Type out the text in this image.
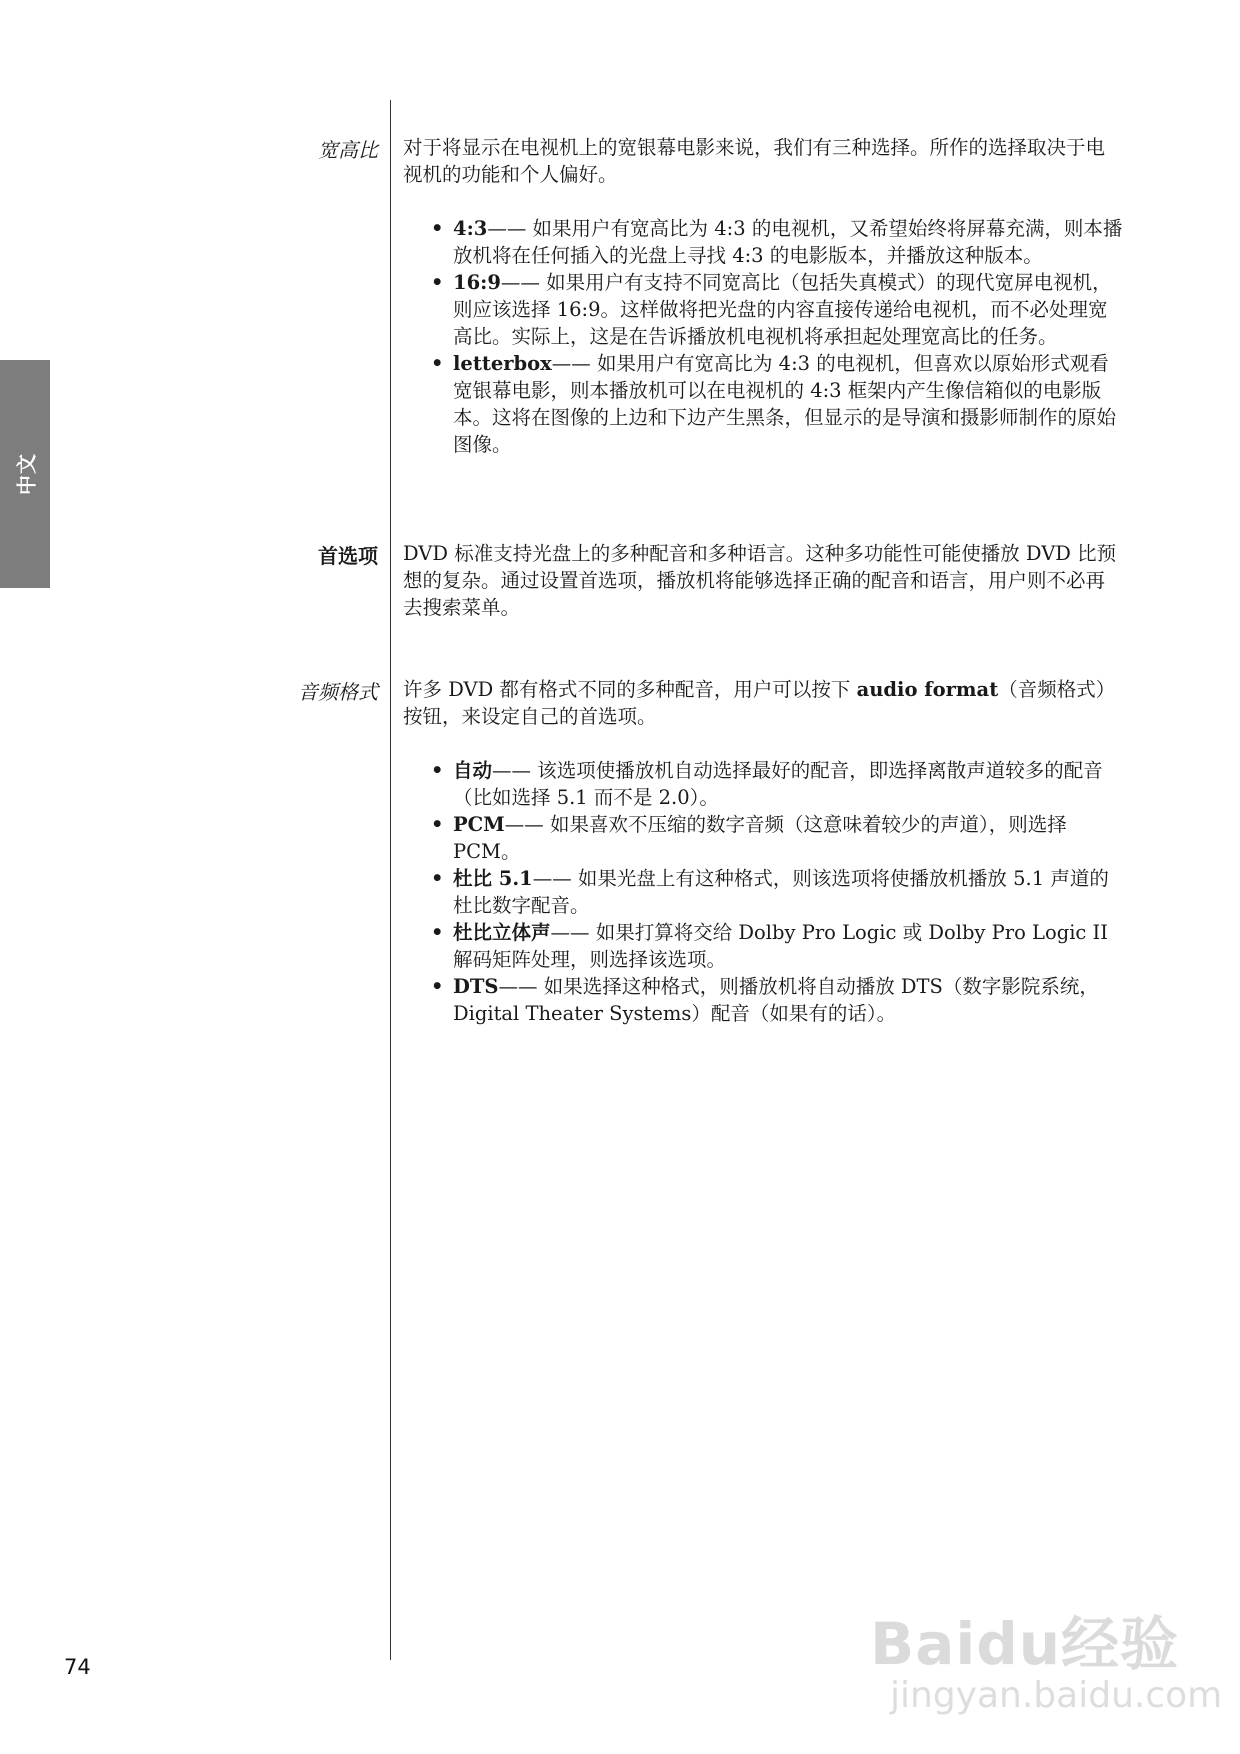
中文
宽高比 对于将显示在电视机上的宽银幕电影来说，我们有三种选择。所作的选择取决于电视机的功能和个人偏好。

• 4:3—— 如果用户有宽高比为 4:3 的电视机，又希望始终将屏幕充满，则本播放机将在任何插入的光盘上寻找 4:3 的电影版本，并播放这种版本。
• 16:9—— 如果用户有支持不同宽高比（包括失真模式）的现代宽屏电视机，则应该选择 16:9。这样做将把光盘的内容直接传递给电视机，而不必处理宽高比。实际上，这是在告诉播放机电视机将承担起处理宽高比的任务。
• letterbox—— 如果用户有宽高比为 4:3 的电视机，但喜欢以原始形式观看宽银幕电影，则本播放机可以在电视机的 4:3 框架内产生像信箱似的电影版本。这将在图像的上边和下边产生黑条，但显示的是导演和摄影师制作的原始图像。
首选项 DVD 标准支持光盘上的多种配音和多种语言。这种多功能性可能使播放 DVD 比预想的复杂。通过设置首选项，播放机将能够选择正确的配音和语言，用户则不必再去搜索菜单。

音频格式 许多 DVD 都有格式不同的多种配音，用户可以按下 audio format（音频格式）按钮，来设定自己的首选项。

• 自动—— 该选项使播放机自动选择最好的配音，即选择离散声道较多的配音（比如选择 5.1 而不是 2.0）。
• PCM—— 如果喜欢不压缩的数字音频（这意味着较少的声道），则选择 PCM。
• 杜比 5.1—— 如果光盘上有这种格式，则该选项将使播放机播放 5.1 声道的杜比数字配音。
• 杜比立体声—— 如果打算将交给 Dolby Pro Logic 或 Dolby Pro Logic II 解码矩阵处理，则选择该选项。
• DTS—— 如果选择这种格式，则播放机将自动播放 DTS（数字影院系统，Digital Theater Systems）配音（如果有的话）。
74	Baidu经验
jingyan.baidu.com
